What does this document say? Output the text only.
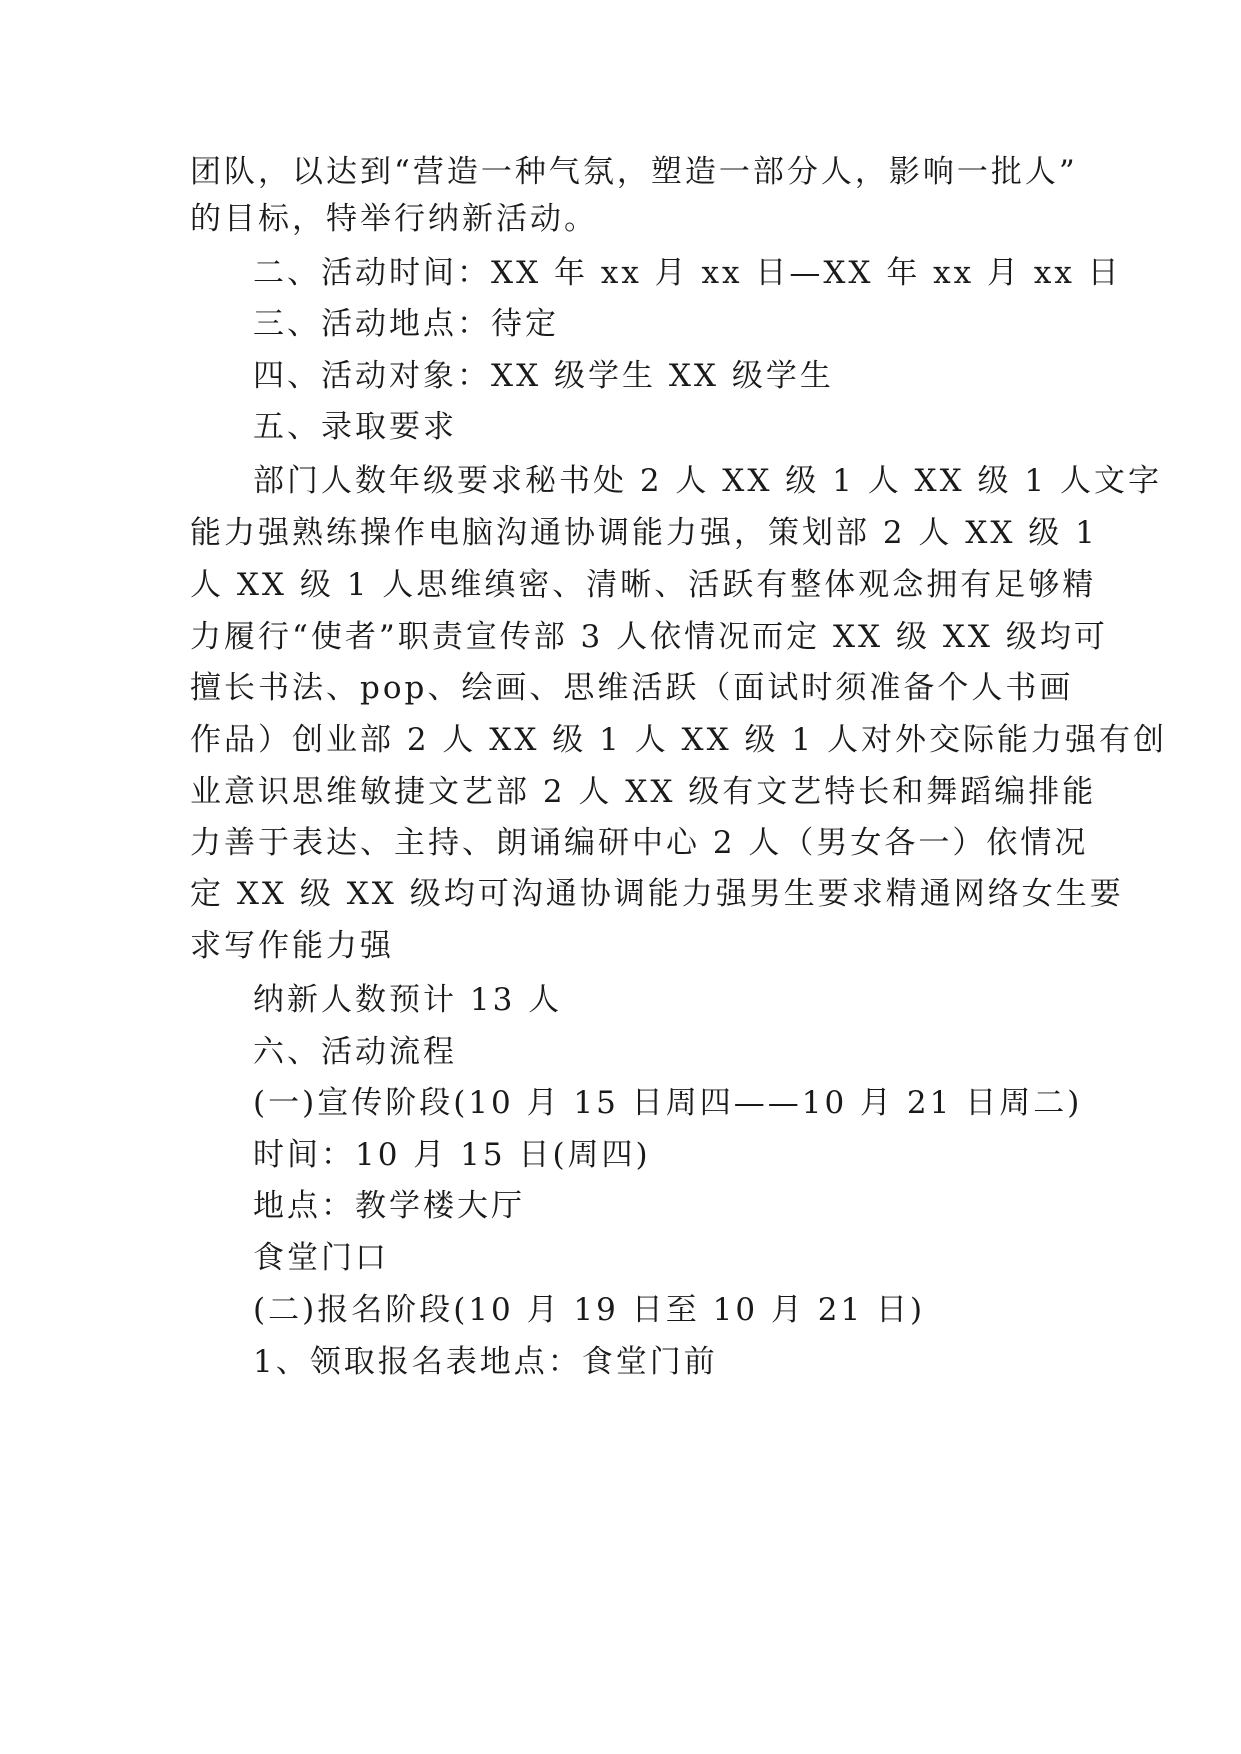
团队，以达到“营造一种气氛，塑造一部分人，影响一批人”
的目标，特举行纳新活动。
二、活动时间：XX 年 xx 月 xx 日—XX 年 xx 月 xx 日
三、活动地点：待定
四、活动对象：XX 级学生 XX 级学生
五、录取要求
部门人数年级要求秘书处 2 人 XX 级 1 人 XX 级 1 人文字
能力强熟练操作电脑沟通协调能力强，策划部 2 人 XX 级 1
人 XX 级 1 人思维缜密、清晰、活跃有整体观念拥有足够精
力履行“使者”职责宣传部 3 人依情况而定 XX 级 XX 级均可
擅长书法、pop、绘画、思维活跃（面试时须准备个人书画
作品）创业部 2 人 XX 级 1 人 XX 级 1 人对外交际能力强有创
业意识思维敏捷文艺部 2 人 XX 级有文艺特长和舞蹈编排能
力善于表达、主持、朗诵编研中心 2 人（男女各一）依情况
定 XX 级 XX 级均可沟通协调能力强男生要求精通网络女生要
求写作能力强
纳新人数预计 13 人
六、活动流程
(一)宣传阶段(10 月 15 日周四——10 月 21 日周二)
时间：10 月 15 日(周四)
地点：教学楼大厅
食堂门口
(二)报名阶段(10 月 19 日至 10 月 21 日)
1、领取报名表地点：食堂门前
